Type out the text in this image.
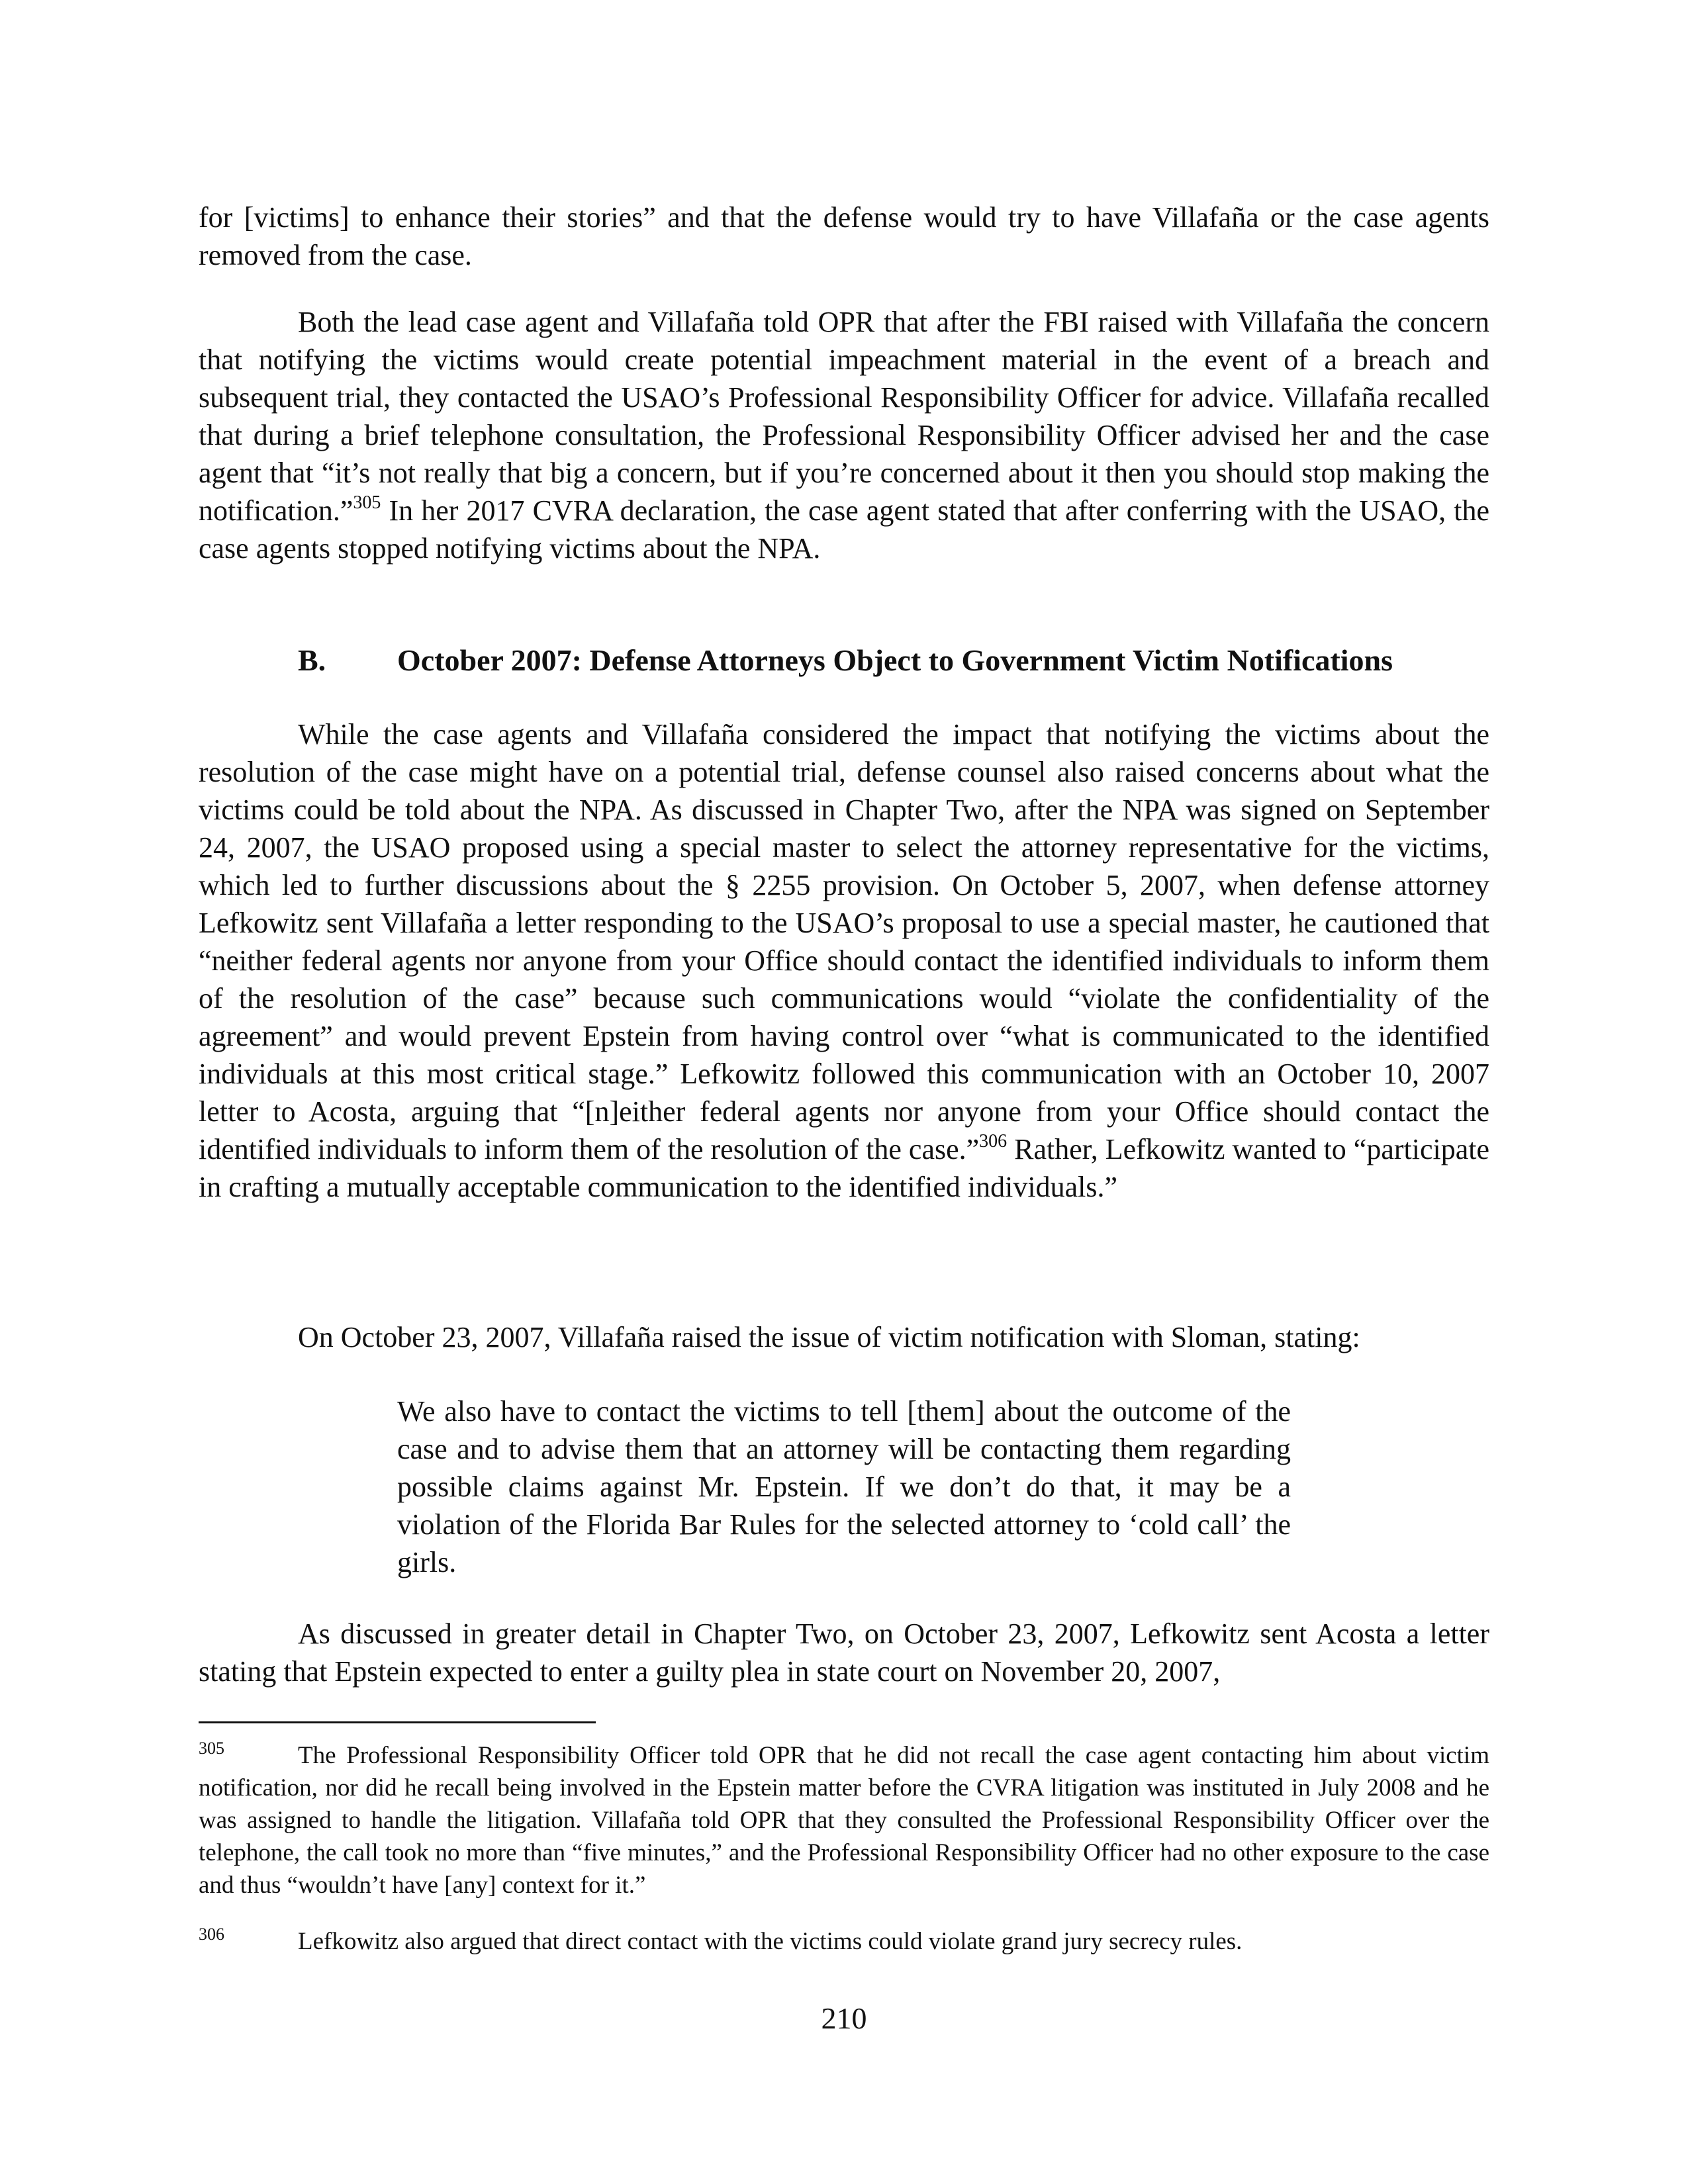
for [victims] to enhance their stories” and that the defense would try to have Villafaña or the case agents removed from the case.
Both the lead case agent and Villafaña told OPR that after the FBI raised with Villafaña the concern that notifying the victims would create potential impeachment material in the event of a breach and subsequent trial, they contacted the USAO’s Professional Responsibility Officer for advice. Villafaña recalled that during a brief telephone consultation, the Professional Responsibility Officer advised her and the case agent that “it’s not really that big a concern, but if you’re concerned about it then you should stop making the notification.”$^{305}$ In her 2017 CVRA declaration, the case agent stated that after conferring with the USAO, the case agents stopped notifying victims about the NPA.
B. October 2007: Defense Attorneys Object to Government Victim Notifications
While the case agents and Villafaña considered the impact that notifying the victims about the resolution of the case might have on a potential trial, defense counsel also raised concerns about what the victims could be told about the NPA. As discussed in Chapter Two, after the NPA was signed on September 24, 2007, the USAO proposed using a special master to select the attorney representative for the victims, which led to further discussions about the § 2255 provision. On October 5, 2007, when defense attorney Lefkowitz sent Villafaña a letter responding to the USAO’s proposal to use a special master, he cautioned that “neither federal agents nor anyone from your Office should contact the identified individuals to inform them of the resolution of the case” because such communications would “violate the confidentiality of the agreement” and would prevent Epstein from having control over “what is communicated to the identified individuals at this most critical stage.” Lefkowitz followed this communication with an October 10, 2007 letter to Acosta, arguing that “[n]either federal agents nor anyone from your Office should contact the identified individuals to inform them of the resolution of the case.”$^{306}$ Rather, Lefkowitz wanted to “participate in crafting a mutually acceptable communication to the identified individuals.”
On October 23, 2007, Villafaña raised the issue of victim notification with Sloman, stating:
We also have to contact the victims to tell [them] about the outcome of the case and to advise them that an attorney will be contacting them regarding possible claims against Mr. Epstein. If we don’t do that, it may be a violation of the Florida Bar Rules for the selected attorney to ‘cold call’ the girls.
As discussed in greater detail in Chapter Two, on October 23, 2007, Lefkowitz sent Acosta a letter stating that Epstein expected to enter a guilty plea in state court on November 20, 2007,
305	The Professional Responsibility Officer told OPR that he did not recall the case agent contacting him about victim notification, nor did he recall being involved in the Epstein matter before the CVRA litigation was instituted in July 2008 and he was assigned to handle the litigation. Villafaña told OPR that they consulted the Professional Responsibility Officer over the telephone, the call took no more than “five minutes,” and the Professional Responsibility Officer had no other exposure to the case and thus “wouldn’t have [any] context for it.”
306	Lefkowitz also argued that direct contact with the victims could violate grand jury secrecy rules.
210
